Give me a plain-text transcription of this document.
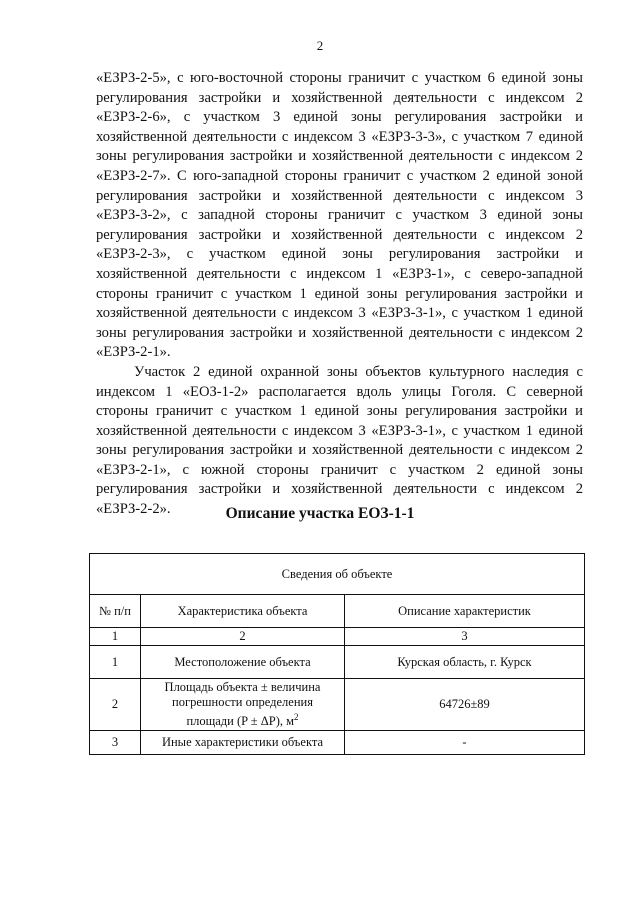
2

«ЕЗРЗ-2-5», с юго-восточной стороны граничит с участком 6 единой зоны регулирования застройки и хозяйственной деятельности с индексом 2 «ЕЗРЗ-2-6», с участком 3 единой зоны регулирования застройки и хозяйственной деятельности с индексом 3 «ЕЗРЗ-3-3», с участком 7 единой зоны регулирования застройки и хозяйственной деятельности с индексом 2 «ЕЗРЗ-2-7». С юго-западной стороны граничит с участком 2 единой зоной регулирования застройки и хозяйственной деятельности с индексом 3 «ЕЗРЗ-3-2», с западной стороны граничит с участком 3 единой зоны регулирования застройки и хозяйственной деятельности с индексом 2 «ЕЗРЗ-2-3», с участком единой зоны регулирования застройки и хозяйственной деятельности с индексом 1 «ЕЗРЗ-1», с северо-западной стороны граничит с участком 1 единой зоны регулирования застройки и хозяйственной деятельности с индексом 3 «ЕЗРЗ-3-1», с участком 1 единой зоны регулирования застройки и хозяйственной деятельности с индексом 2 «ЕЗРЗ-2-1».

Участок 2 единой охранной зоны объектов культурного наследия с индексом 1 «ЕОЗ-1-2» располагается вдоль улицы Гоголя. С северной стороны граничит с участком 1 единой зоны регулирования застройки и хозяйственной деятельности с индексом 3 «ЕЗРЗ-3-1», с участком 1 единой зоны регулирования застройки и хозяйственной деятельности с индексом 2 «ЕЗРЗ-2-1», с южной стороны граничит с участком 2 единой зоны регулирования застройки и хозяйственной деятельности с индексом 2 «ЕЗРЗ-2-2».	Описание участка ЕОЗ-1-1
Сведения об объекте		
№ п/п	Характеристика объекта	Описание характеристик
1	2	3
1	Местоположение объекта	Курская область, г. Курск
2	Площадь объекта ± величина
погрешности определения
площади (P ± ΔP), $м^2$	64726±89
3	Иные характеристики объекта	-
